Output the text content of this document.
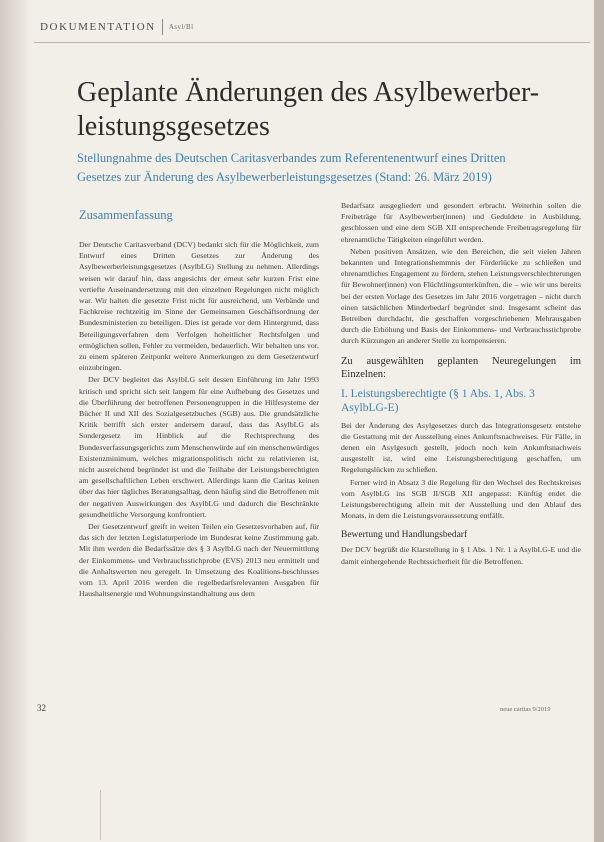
DOKUMENTATION Asyl/Bl
Geplante Änderungen des Asylbewerber-
leistungsgesetzes

Stellungnahme des Deutschen Caritasverbandes zum Referentenentwurf eines Dritten
Gesetzes zur Änderung des Asylbewerberleistungsgesetzes (Stand: 26. März 2019)

Zusammenfassung

Der Deutsche Caritasverband (DCV) bedankt sich für die Möglichkeit, zum Entwurf eines Dritten Gesetzes zur Änderung des Asylbewerberleistungsgesetzes (AsylbLG) Stellung zu nehmen. Allerdings weisen wir darauf hin, dass angesichts der erneut sehr kurzen Frist eine vertiefte Auseinandersetzung mit den einzelnen Regelungen nicht möglich war. Wir halten die gesetzte Frist nicht für ausreichend, um Verbände und Fachkreise rechtzeitig im Sinne der Gemeinsamen Geschäftsordnung der Bundesministerien zu beteiligen. Dies ist gerade vor dem Hintergrund, dass Beteiligungsverfahren dem Verfolgen hoheitlicher Rechtsfolgen und ermöglichen sollen, Fehler zu vermeiden, bedauerlich. Wir behalten uns vor, zu einem späteren Zeitpunkt weitere Anmerkungen zu dem Gesetzentwurf einzubringen.

Der DCV begleitet das AsylbLG seit dessen Einführung im Jahr 1993 kritisch und spricht sich seit langem für eine Aufhebung des Gesetzes und die Überführung der betroffenen Personengruppen in die Hilfesysteme der Bücher II und XII des Sozialgesetzbuches (SGB) aus. Die grundsätzliche Kritik betrifft sich erster andersem darauf, dass das AsylbLG als Sondergesetz im Hinblick auf die Rechtsprechung des Bundesverfassungsgerichts zum Menschenwürde auf ein menschenwürdiges Existenzminimum, welches migrationspolitisch nicht zu relativieren ist, nicht ausreichend begründet ist und die Teilhabe der Leistungsberechtigten am gesellschaftlichen Leben erschwert. Allerdings kann die Caritas keinen über das hier tägliches Beratungsalltag, denn häufig sind die Betroffenen mit der negativen Auswirkungen des AsylbLG und dadurch die Beschränkte gesundheitliche Versorgung konfrontiert.

Der Gesetzentwurf greift in weiten Teilen ein Gesetzesvorhaben auf, für das sich der letzten Legislaturperiode im Bundesrat keine Zustimmung gab. Mit ihm werden die Bedarfssätze des § 3 AsylbLG nach der Neuermittlung der Einkommens- und Verbrauchsstichprobe (EVS) 2013 neu ermittelt und die Anhaltswerten neu geregelt. In Umsetzung des Koalitions-beschlusses vom 13. April 2016 werden die regelbedarfsrelevanten Ausgaben für Haushaltsenergie und Wohnungsinstandhaltung aus dem

Bedarfsatz ausgegliedert und gesondert erbracht. Weiterhin sollen die Freibeträge für Asylbewerber(innen) und Geduldete in Ausbildung, geschlossen und eine dem SGB XII entsprechende Freibetragsregelung für ehrenamtliche Tätigkeiten eingeführt werden.

Neben positiven Ansätzen, wie den Bereichen, die seit vielen Jahren bekannten und Integrationshemmnis der Förderlücke zu schließen und ehrenamtliches Engagement zu fördern, stehen Leistungsverschlechterungen für Bewohner(innen) von Flüchtlingsunterkünften, die – wie wir uns bereits bei der ersten Vorlage des Gesetzes im Jahr 2016 vorgetragen – nicht durch einen tatsächlichen Minderbedarf begründet sind. Insgesamt scheint das Betreiben durchdacht, die geschaffen vorgeschriebenen Mehrausgaben durch die Erhöhung und Basis der Einkommens- und Verbrauchsstichprobe durch Kürzungen an anderer Stelle zu kompensieren.

Zu ausgewählten geplanten Neuregelungen im Einzelnen:
I. Leistungsberechtigte (§ 1 Abs. 1, Abs. 3
AsylbLG-E)

Bei der Änderung des Asylgesetzes durch das Integrationsgesetz entstehe die Gestattung mit der Ausstellung eines Ankunftsnachweises. Für Fälle, in denen ein Asylgesuch gestellt, jedoch noch kein Ankunftsnachweis ausgestellt ist, wird eine Leistungsberechtigung geschaffen, um Regelungslücken zu schließen.

Ferner wird in Absatz 3 die Regelung für den Wechsel des Rechtskreises vom AsylbLG ins SGB II/SGB XII angepasst: Künftig endet die Leistungsberechtigung allein mit der Ausstellung und den Ablauf des Monats, in dem die Leistungsvoraussetzung entfällt.

Bewertung und Handlungsbedarf

Der DCV begrüßt die Klarstellung in § 1 Abs. 1 Nr. 1 a AsylbLG-E und die damit einhergehende Rechtssicherheit für die Betroffenen.

32	neue caritas 9/2019
